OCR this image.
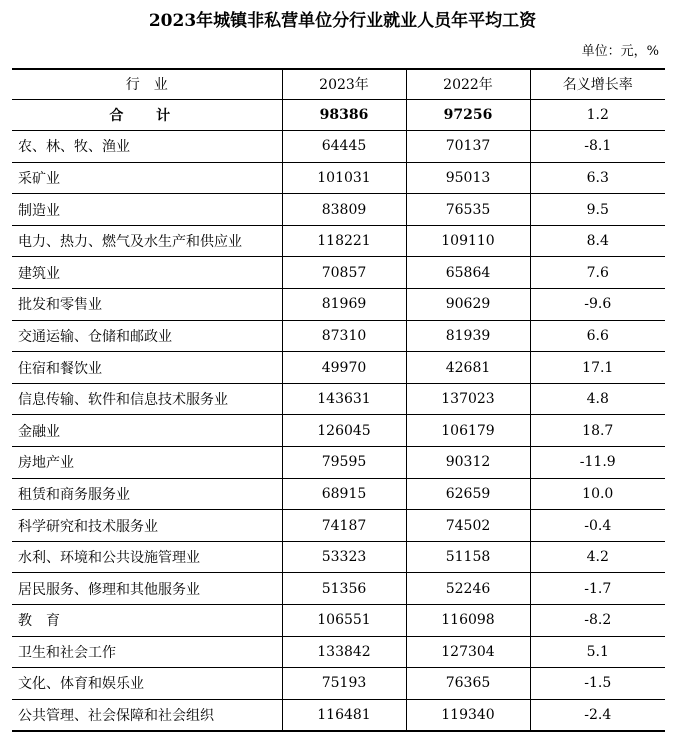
2023年城镇非私营单位分行业就业人员年平均工资
单位：元，%
行　业	2023年	2022年	名义增长率
合 计	98386	97256	1.2
农、林、牧、渔业	64445	70137	-8.1
采矿业	101031	95013	6.3
制造业	83809	76535	9.5
电力、热力、燃气及水生产和供应业	118221	109110	8.4
建筑业	70857	65864	7.6
批发和零售业	81969	90629	-9.6
交通运输、仓储和邮政业	87310	81939	6.6
住宿和餐饮业	49970	42681	17.1
信息传输、软件和信息技术服务业	143631	137023	4.8
金融业	126045	106179	18.7
房地产业	79595	90312	-11.9
租赁和商务服务业	68915	62659	10.0
科学研究和技术服务业	74187	74502	-0.4
水利、环境和公共设施管理业	53323	51158	4.2
居民服务、修理和其他服务业	51356	52246	-1.7
教　育	106551	116098	-8.2
卫生和社会工作	133842	127304	5.1
文化、体育和娱乐业	75193	76365	-1.5
公共管理、社会保障和社会组织	116481	119340	-2.4
